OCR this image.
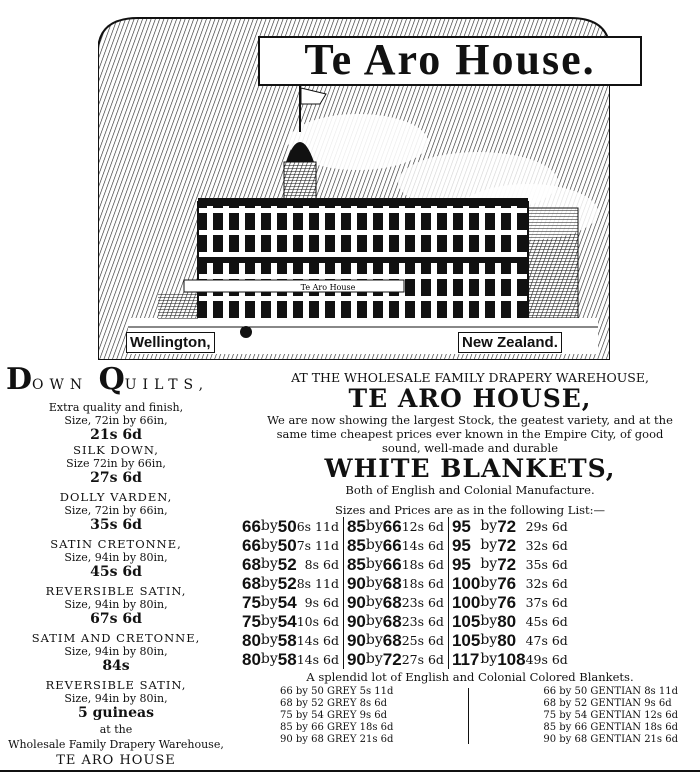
Te Aro House
Te Aro House.
Wellington,	New Zealand.
DOWN QUILTS,
Extra quality and finish,
Size, 72in by 66in,
21s 6d
SILK DOWN,
Size 72in by 66in,
27s 6d
DOLLY VARDEN,
Size, 72in by 66in,
35s 6d
SATIN CRETONNE,
Size, 94in by 80in,
45s 6d
REVERSIBLE SATIN,
Size, 94in by 80in,
67s 6d
SATIM AND CRETONNE,
Size, 94in by 80in,
84s
REVERSIBLE SATIN,
Size, 94in by 80in,
5 guineas
at the
Wholesale Family Drapery Warehouse,
TE ARO HOUSE
AT THE WHOLESALE FAMILY DRAPERY WAREHOUSE,
TE ARO HOUSE,
We are now showing the largest Stock, the geatest variety, and at the
same time cheapest prices ever known in the Empire City, of good
sound, well-made and durable
WHITE BLANKETS,
Both of English and Colonial Manufacture.
Sizes and Prices are as in the following List:—
66	by	50	6s 11d	85	by	66	12s 6d	95	by	72	29s 6d
66	by	50	7s 11d	85	by	66	14s 6d	95	by	72	32s 6d
68	by	52	8s 6d	85	by	66	18s 6d	95	by	72	35s 6d
68	by	52	8s 11d	90	by	68	18s 6d	100	by	76	32s 6d
75	by	54	9s 6d	90	by	68	23s 6d	100	by	76	37s 6d
75	by	54	10s 6d	90	by	68	23s 6d	105	by	80	45s 6d
80	by	58	14s 6d	90	by	68	25s 6d	105	by	80	47s 6d
80	by	58	14s 6d	90	by	72	27s 6d	117	by	108	49s 6d
A splendid lot of English and Colonial Colored Blankets.
66 by 50 GREY 5s 11d
68 by 52 GREY 8s 6d
75 by 54 GREY 9s 6d
85 by 66 GREY 18s 6d
90 by 68 GREY 21s 6d
66 by 50 GENTIAN 8s 11d
68 by 52 GENTIAN 9s 6d
75 by 54 GENTIAN 12s 6d
85 by 66 GENTIAN 18s 6d
90 by 68 GENTIAN 21s 6d
